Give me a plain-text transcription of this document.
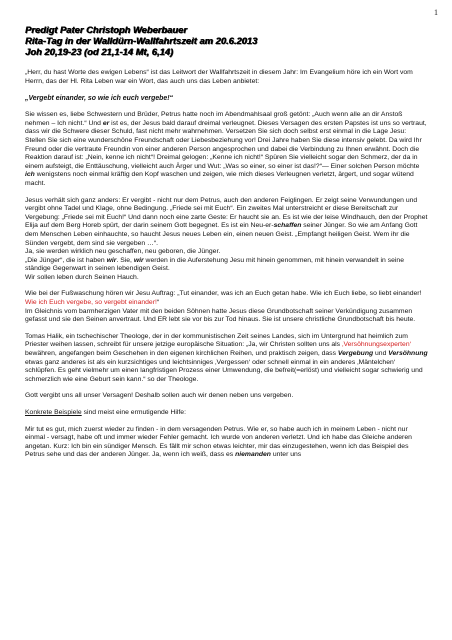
1
Predigt Pater Christoph Weberbauer
Rita-Tag in der Walldürn-Wallfahrtszeit am 20.6.2013
Joh 20,19-23 (od 21,1-14 Mt, 6,14)

„Herr, du hast Worte des ewigen Lebens“ ist das Leitwort der Wallfahrtszeit in diesem Jahr: Im Evangelium höre ich ein Wort vom Herrn, das der Hl. Rita Leben war ein Wort, das auch uns das Leben anbietet:

„Vergebt einander, so wie ich euch vergebe!“

Sie wissen es, liebe Schwestern und Brüder, Petrus hatte noch im Abendmahlsaal groß getönt: „Auch wenn alle an dir Anstoß nehmen – Ich nicht.“ Und er ist es, der Jesus bald darauf dreimal verleugnet. Dieses Versagen des ersten Papstes ist uns so vertraut, dass wir die Schwere dieser Schuld, fast nicht mehr wahrnehmen. Versetzen Sie sich doch selbst erst einmal in die Lage Jesu: Stellen Sie sich eine wunderschöne Freundschaft oder Liebesbeziehung vor! Drei Jahre haben Sie diese intensiv gelebt. Da wird Ihr Freund oder die vertraute Freundin von einer anderen Person angesprochen und dabei die Verbindung zu Ihnen erwähnt. Doch die Reaktion darauf ist: „Nein, kenne ich nicht“! Dreimal gelogen: „Kenne ich nicht!“ Spüren Sie vielleicht sogar den Schmerz, der da in einem aufsteigt, die Enttäuschung, vielleicht auch Ärger und Wut: „Was so einer, so einer ist das!?“— Einer solchen Person möchte ich wenigstens noch einmal kräftig den Kopf waschen und zeigen, wie mich dieses Verleugnen verletzt, ärgert, und sogar wütend macht.

Jesus verhält sich ganz anders: Er vergibt - nicht nur dem Petrus, auch den anderen Feiglingen. Er zeigt seine Verwundungen und vergibt ohne Tadel und Klage, ohne Bedingung. „Friede sei mit Euch“. Ein zweites Mal unterstreicht er diese Bereitschaft zur Vergebung: „Friede sei mit Euch!“ Und dann noch eine zarte Geste: Er haucht sie an. Es ist wie der leise Windhauch, den der Prophet Elija auf dem Berg Horeb spürt, der darin seinem Gott begegnet. Es ist ein Neu-er-schaffen seiner Jünger. So wie am Anfang Gott dem Menschen Leben einhauchte, so haucht Jesus neues Leben ein, einen neuen Geist. „Empfangt heiligen Geist. Wem ihr die Sünden vergebt, dem sind sie vergeben …“.
Ja, sie werden wirklich neu geschaffen, neu geboren, die Jünger.
„Die Jünger“, die ist haben wir. Sie, wir werden in die Auferstehung Jesu mit hinein genommen, mit hinein verwandelt in seine ständige Gegenwart in seinen lebendigen Geist.
Wir sollen leben durch Seinen Hauch.

Wie bei der Fußwaschung hören wir Jesu Auftrag: „Tut einander, was ich an Euch getan habe. Wie ich Euch liebe, so liebt einander! Wie ich Euch vergebe, so vergebt einander!“
Im Gleichnis vom barmherzigen Vater mit den beiden Söhnen hatte Jesus diese Grundbotschaft seiner Verkündigung zusammen gefasst und sie den Seinen anvertraut. Und ER lebt sie vor bis zur Tod hinaus. Sie ist unsere christliche Grundbotschaft bis heute.

Tomas Halik, ein tschechischer Theologe, der in der kommunistischen Zeit seines Landes, sich im Untergrund hat heimlich zum Priester weihen lassen, schreibt für unsere jetzige europäische Situation: „Ja, wir Christen sollten uns als ‚Versöhnungsexperten‘ bewähren, angefangen beim Geschehen in den eigenen kirchlichen Reihen, und praktisch zeigen, dass Vergebung und Versöhnung etwas ganz anderes ist als ein kurzsichtiges und leichtsinniges ‚Vergessen‘ oder schnell einmal in ein anderes ‚Mäntelchen‘ schlüpfen. Es geht vielmehr um einen langfristigen Prozess einer Umwendung, die befreit(=erlöst) und vielleicht sogar schwierig und schmerzlich wie eine Geburt sein kann.“ so der Theologe.

Gott vergibt uns all unser Versagen! Deshalb sollen auch wir denen neben uns vergeben.

Konkrete Beispiele sind meist eine ermutigende Hilfe:

Mir tut es gut, mich zuerst wieder zu finden - in dem versagenden Petrus. Wie er, so habe auch ich in meinem Leben - nicht nur einmal - versagt, habe oft und immer wieder Fehler gemacht. Ich wurde von anderen verletzt. Und ich habe das Gleiche anderen angetan. Kurz: Ich bin ein sündiger Mensch. Es fällt mir schon etwas leichter, mir das einzugestehen, wenn ich das Beispiel des Petrus sehe und das der anderen Jünger. Ja, wenn ich weiß, dass es niemanden unter uns
